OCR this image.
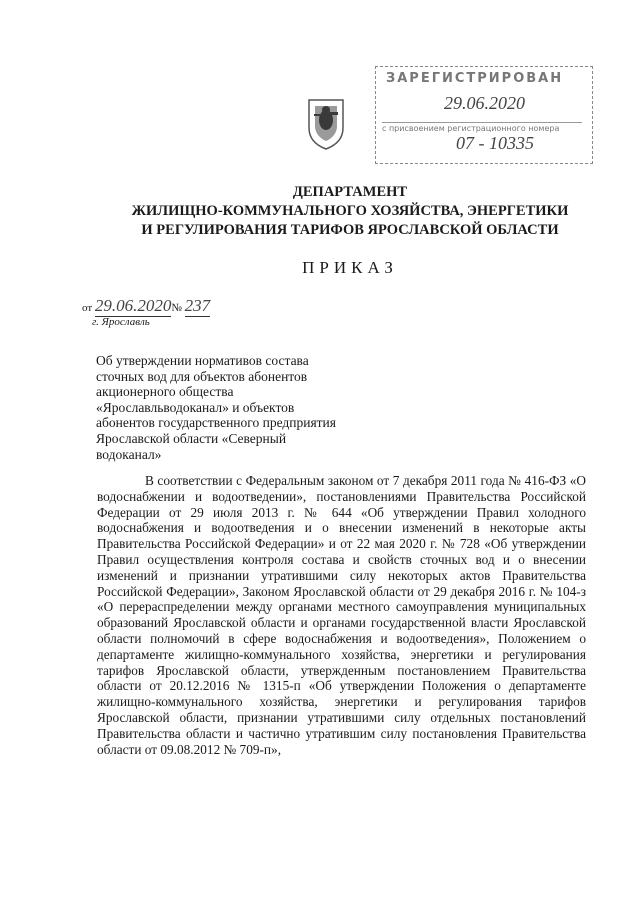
ЗАРЕГИСТРИРОВАН
29.06.2020
с присвоением регистрационного номера
07 - 10335
ДЕПАРТАМЕНТ
ЖИЛИЩНО-КОММУНАЛЬНОГО ХОЗЯЙСТВА, ЭНЕРГЕТИКИ
И РЕГУЛИРОВАНИЯ ТАРИФОВ ЯРОСЛАВСКОЙ ОБЛАСТИ
ПРИКАЗ
от 29.06.2020№ 237
г. Ярославль
Об утверждении нормативов состава сточных вод для объектов абонентов акционерного общества «Ярославльводоканал» и объектов абонентов государственного предприятия Ярославской области «Северный водоканал»
В соответствии с Федеральным законом от 7 декабря 2011 года № 416-ФЗ «О водоснабжении и водоотведении», постановлениями Правительства Российской Федерации от 29 июля 2013 г. № 644 «Об утверждении Правил холодного водоснабжения и водоотведения и о внесении изменений в некоторые акты Правительства Российской Федерации» и от 22 мая 2020 г. № 728 «Об утверждении Правил осуществления контроля состава и свойств сточных вод и о внесении изменений и признании утратившими силу некоторых актов Правительства Российской Федерации», Законом Ярославской области от 29 декабря 2016 г. № 104-з «О перераспределении между органами местного самоуправления муниципальных образований Ярославской области и органами государственной власти Ярославской области полномочий в сфере водоснабжения и водоотведения», Положением о департаменте жилищно-коммунального хозяйства, энергетики и регулирования тарифов Ярославской области, утвержденным постановлением Правительства области от 20.12.2016 № 1315-п «Об утверждении Положения о департаменте жилищно-коммунального хозяйства, энергетики и регулирования тарифов Ярославской области, признании утратившими силу отдельных постановлений Правительства области и частично утратившим силу постановления Правительства области от 09.08.2012 № 709-п»,
